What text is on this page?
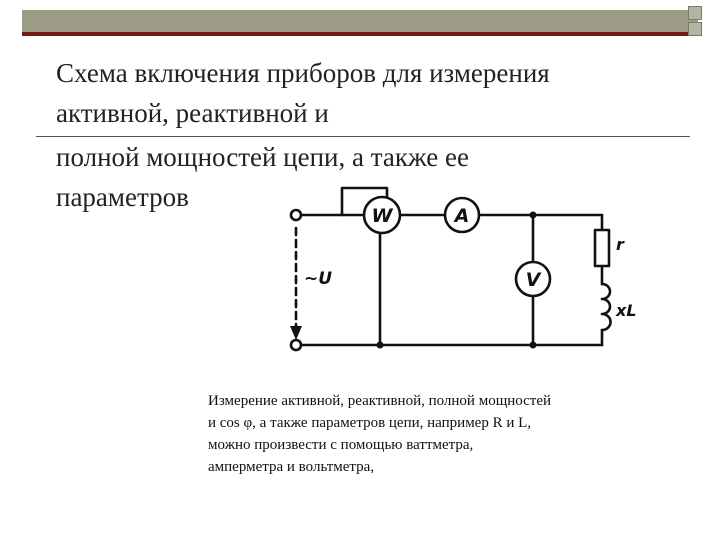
Схема включения приборов для измерения
активной, реактивной и
полной мощностей цепи, а также ее
параметров
W	A
V
~U
r
xL
Измерение активной, реактивной, полной мощностей
и cos φ, а также параметров цепи, например R и L,
можно произвести с помощью ваттметра,
амперметра и вольтметра,
